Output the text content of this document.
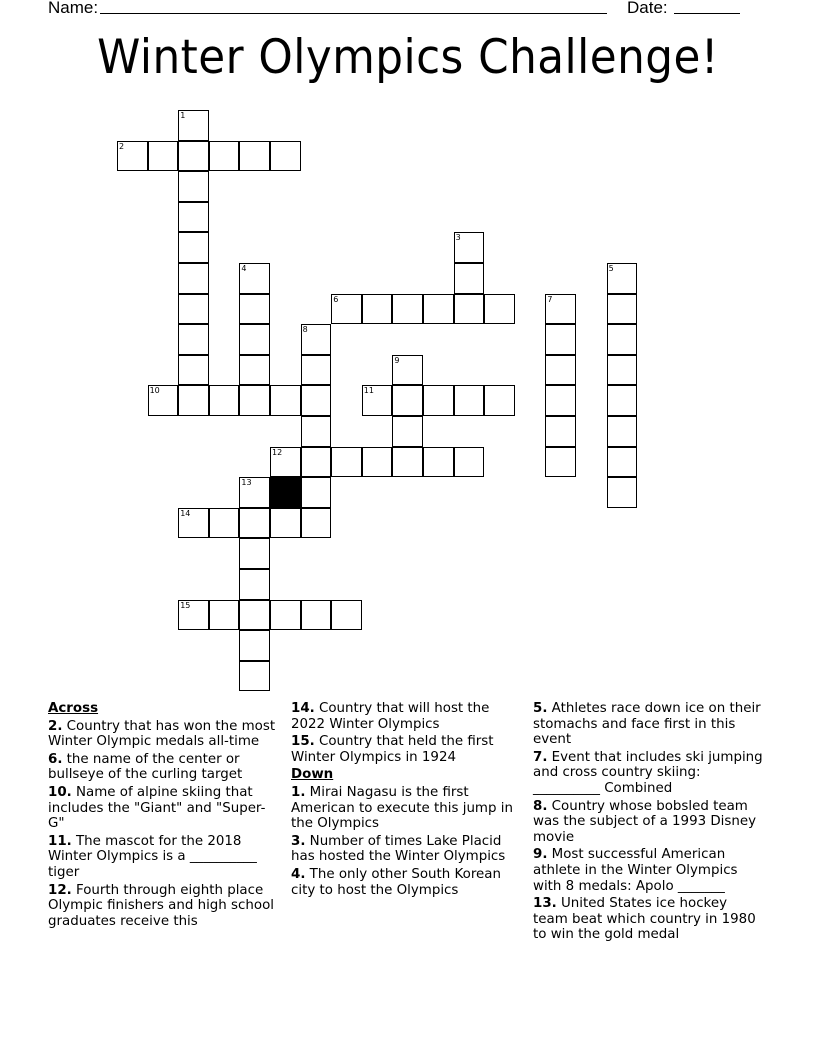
Name:	Date:
Winter Olympics Challenge!
1
2
3
4	5
6	7
8
9
10	11
12
13
14
15
Across
2. Country that has won the most Winter Olympic medals all-time
6. the name of the center or bullseye of the curling target
10. Name of alpine skiing that includes the "Giant" and "Super-G"
11. The mascot for the 2018 Winter Olympics is a __________ tiger
12. Fourth through eighth place Olympic finishers and high school graduates receive this
14. Country that will host the 2022 Winter Olympics
15. Country that held the first Winter Olympics in 1924
Down
1. Mirai Nagasu is the first American to execute this jump in the Olympics
3. Number of times Lake Placid has hosted the Winter Olympics
4. The only other South Korean city to host the Olympics
5. Athletes race down ice on their stomachs and face first in this event
7. Event that includes ski jumping and cross country skiing: __________ Combined
8. Country whose bobsled team was the subject of a 1993 Disney movie
9. Most successful American athlete in the Winter Olympics with 8 medals: Apolo _______
13. United States ice hockey team beat which country in 1980 to win the gold medal
